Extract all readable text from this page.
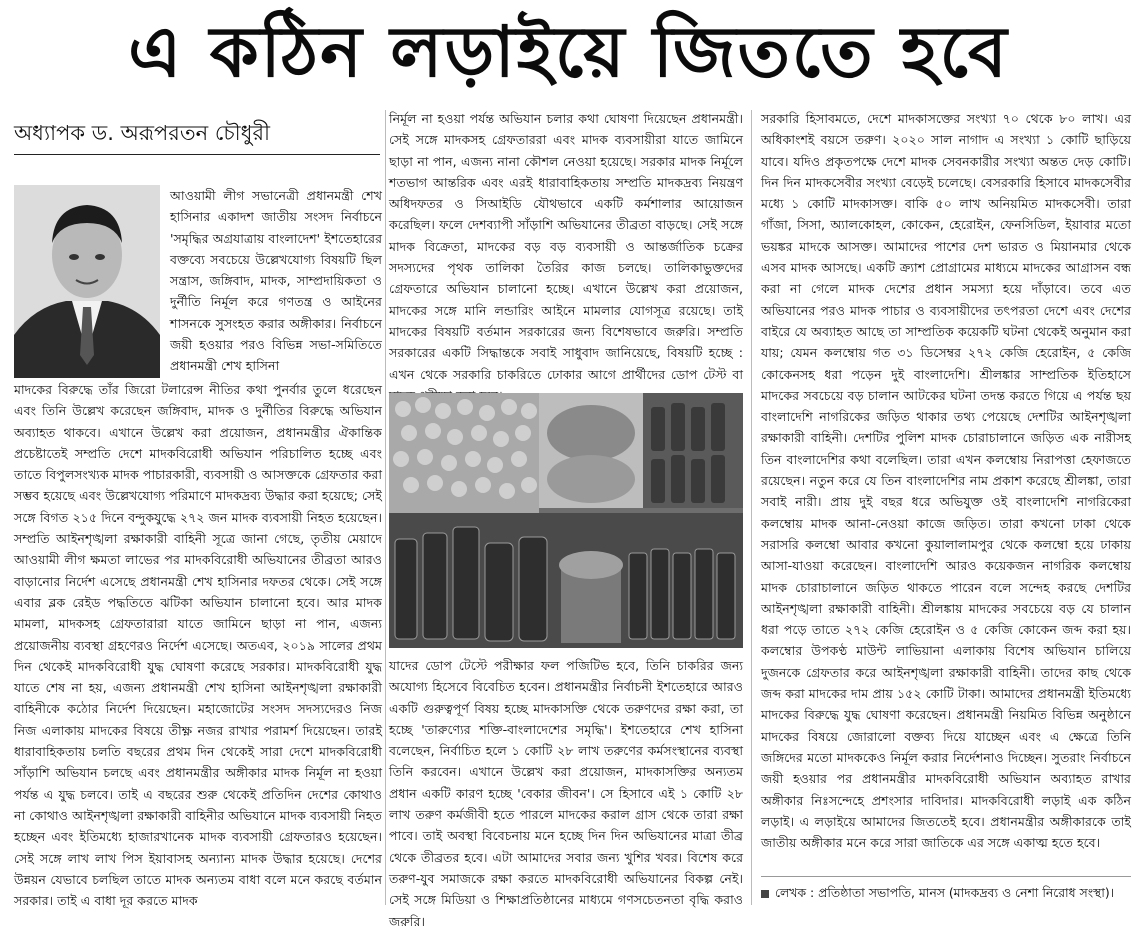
এ কঠিন লড়াইয়ে জিততে হবে
অধ্যাপক ড. অরূপরতন চৌধুরী

আওয়ামী লীগ সভানেত্রী প্রধানমন্ত্রী শেখ হাসিনার একাদশ জাতীয় সংসদ নির্বাচনে 'সমৃদ্ধির অগ্রযাত্রায় বাংলাদেশ' ইশতেহারের বক্তব্যে সবচেয়ে উল্লেখযোগ্য বিষয়টি ছিল সন্ত্রাস, জঙ্গিবাদ, মাদক, সাম্প্রদায়িকতা ও দুর্নীতি নির্মূল করে গণতন্ত্র ও আইনের শাসনকে সুসংহত করার অঙ্গীকার। নির্বাচনে জয়ী হওয়ার পরও বিভিন্ন সভা-সমিতিতে প্রধানমন্ত্রী শেখ হাসিনা

মাদকের বিরুদ্ধে তাঁর জিরো টলারেন্স নীতির কথা পুনর্বার তুলে ধরেছেন এবং তিনি উল্লেখ করেছেন জঙ্গিবাদ, মাদক ও দুর্নীতির বিরুদ্ধে অভিযান অব্যাহত থাকবে। এখানে উল্লেখ করা প্রয়োজন, প্রধানমন্ত্রীর ঐকান্তিক প্রচেষ্টাতেই সম্প্রতি দেশে মাদকবিরোধী অভিযান পরিচালিত হচ্ছে এবং তাতে বিপুলসংখ্যক মাদক পাচারকারী, ব্যবসায়ী ও আসক্তকে গ্রেফতার করা সম্ভব হয়েছে এবং উল্লেখযোগ্য পরিমাণে মাদকদ্রব্য উদ্ধার করা হয়েছে; সেই সঙ্গে বিগত ২১৫ দিনে বন্দুকযুদ্ধে ২৭২ জন মাদক ব্যবসায়ী নিহত হয়েছেন। সম্প্রতি আইনশৃঙ্খলা রক্ষাকারী বাহিনী সূত্রে জানা গেছে, তৃতীয় মেয়াদে আওয়ামী লীগ ক্ষমতা লাভের পর মাদকবিরোধী অভিযানের তীব্রতা আরও বাড়ানোর নির্দেশ এসেছে প্রধানমন্ত্রী শেখ হাসিনার দফতর থেকে। সেই সঙ্গে এবার ব্লক রেইড পদ্ধতিতে ঝটিকা অভিযান চালানো হবে। আর মাদক মামলা, মাদকসহ গ্রেফতারারা যাতে জামিনে ছাড়া না পান, এজন্য প্রয়োজনীয় ব্যবস্থা গ্রহণেরও নির্দেশ এসেছে। অতএব, ২০১৯ সালের প্রথম দিন থেকেই মাদকবিরোধী যুদ্ধ ঘোষণা করেছে সরকার। মাদকবিরোধী যুদ্ধ যাতে শেষ না হয়, এজন্য প্রধানমন্ত্রী শেখ হাসিনা আইনশৃঙ্খলা রক্ষাকারী বাহিনীকে কঠোর নির্দেশ দিয়েছেন। মহাজোটের সংসদ সদস্যদেরও নিজ নিজ এলাকায় মাদকের বিষয়ে তীক্ষ্ণ নজর রাখার পরামর্শ দিয়েছেন। তারই ধারাবাহিকতায় চলতি বছরের প্রথম দিন থেকেই সারা দেশে মাদকবিরোধী সাঁড়াশি অভিযান চলছে এবং প্রধানমন্ত্রীর অঙ্গীকার মাদক নির্মূল না হওয়া পর্যন্ত এ যুদ্ধ চলবে। তাই এ বছরের শুরু থেকেই প্রতিদিন দেশের কোথাও না কোথাও আইনশৃঙ্খলা রক্ষাকারী বাহিনীর অভিযানে মাদক ব্যবসায়ী নিহত হচ্ছেন এবং ইতিমধ্যে হাজারখানেক মাদক ব্যবসায়ী গ্রেফতারও হয়েছেন। সেই সঙ্গে লাখ লাখ পিস ইয়াবাসহ অন্যান্য মাদক উদ্ধার হয়েছে। দেশের উন্নয়ন যেভাবে চলছিল তাতে মাদক অন্যতম বাধা বলে মনে করছে বর্তমান সরকার। তাই এ বাধা দূর করতে মাদক

নির্মূল না হওয়া পর্যন্ত অভিযান চলার কথা ঘোষণা দিয়েছেন প্রধানমন্ত্রী। সেই সঙ্গে মাদকসহ গ্রেফতাররা এবং মাদক ব্যবসায়ীরা যাতে জামিনে ছাড়া না পান, এজন্য নানা কৌশল নেওয়া হয়েছে। সরকার মাদক নির্মূলে শতভাগ আন্তরিক এবং এরই ধারাবাহিকতায় সম্প্রতি মাদকদ্রব্য নিয়ন্ত্রণ অধিদফতর ও সিআইডি যৌথভাবে একটি কর্মশালার আয়োজন করেছিল। ফলে দেশব্যাপী সাঁড়াশি অভিযানের তীব্রতা বাড়ছে। সেই সঙ্গে মাদক বিক্রেতা, মাদকের বড় বড় ব্যবসায়ী ও আন্তর্জাতিক চক্রের সদস্যদের পৃথক তালিকা তৈরির কাজ চলছে। তালিকাভুক্তদের গ্রেফতারে অভিযান চালানো হচ্ছে। এখানে উল্লেখ করা প্রয়োজন, মাদকের সঙ্গে মানি লন্ডারিং আইনে মামলার যোগসূত্র রয়েছে। তাই মাদকের বিষয়টি বর্তমান সরকারের জন্য বিশেষভাবে জরুরি। সম্প্রতি সরকারের একটি সিদ্ধান্তকে সবাই সাধুবাদ জানিয়েছে, বিষয়টি হচ্ছে : এখন থেকে সরকারি চাকরিতে ঢোকার আগে প্রার্থীদের ডোপ টেস্ট বা

যাদের ডোপ টেস্টে পরীক্ষার ফল পজিটিভ হবে, তিনি চাকরির জন্য অযোগ্য হিসেবে বিবেচিত হবেন। প্রধানমন্ত্রীর নির্বাচনী ইশতেহারে আরও একটি গুরুত্বপূর্ণ বিষয় হচ্ছে মাদকাসক্তি থেকে তরুণদের রক্ষা করা, তা হচ্ছে 'তারুণ্যের শক্তি-বাংলাদেশের সমৃদ্ধি'। ইশতেহারে শেখ হাসিনা বলেছেন, নির্বাচিত হলে ১ কোটি ২৮ লাখ তরুণের কর্মসংস্থানের ব্যবস্থা তিনি করবেন। এখানে উল্লেখ করা প্রয়োজন, মাদকাসক্তির অন্যতম প্রধান একটি কারণ হচ্ছে 'বেকার জীবন'। সে হিসাবে এই ১ কোটি ২৮ লাখ তরুণ কর্মজীবী হতে পারলে মাদকের করাল গ্রাস থেকে তারা রক্ষা পাবে। তাই অবস্থা বিবেচনায় মনে হচ্ছে দিন দিন অভিযানের মাত্রা তীব্র থেকে তীব্রতর হবে। এটা আমাদের সবার জন্য খুশির খবর। বিশেষ করে তরুণ-যুব সমাজকে রক্ষা করতে মাদকবিরোধী অভিযানের বিকল্প নেই। সেই সঙ্গে মিডিয়া ও শিক্ষাপ্রতিষ্ঠানের মাধ্যমে গণসচেতনতা বৃদ্ধি করাও জরুরি।

সরকারি হিসাবমতে, দেশে মাদকাসক্তের সংখ্যা ৭০ থেকে ৮০ লাখ। এর অধিকাংশই বয়সে তরুণ। ২০২০ সাল নাগাদ এ সংখ্যা ১ কোটি ছাড়িয়ে যাবে। যদিও প্রকৃতপক্ষে দেশে মাদক সেবনকারীর সংখ্যা অন্তত দেড় কোটি। দিন দিন মাদকসেবীর সংখ্যা বেড়েই চলেছে। বেসরকারি হিসাবে মাদকসেবীর মধ্যে ১ কোটি মাদকাসক্ত। বাকি ৫০ লাখ অনিয়মিত মাদকসেবী। তারা গাঁজা, সিসা, অ্যালকোহল, কোকেন, হেরোইন, ফেনসিডিল, ইয়াবার মতো ভয়ঙ্কর মাদকে আসক্ত। আমাদের পাশের দেশ ভারত ও মিয়ানমার থেকে এসব মাদক আসছে। একটি ক্র্যাশ প্রোগ্রামের মাধ্যমে মাদকের আগ্রাসন বন্ধ করা না গেলে মাদক দেশের প্রধান সমস্যা হয়ে দাঁড়াবে। তবে এত অভিযানের পরও মাদক পাচার ও ব্যবসায়ীদের তৎপরতা দেশে এবং দেশের বাইরে যে অব্যাহত আছে তা সাম্প্রতিক কয়েকটি ঘটনা থেকেই অনুমান করা যায়; যেমন কলম্বোয় গত ৩১ ডিসেম্বর ২৭২ কেজি হেরোইন, ৫ কেজি কোকেনসহ ধরা পড়েন দুই বাংলাদেশি। শ্রীলঙ্কার সাম্প্রতিক ইতিহাসে মাদকের সবচেয়ে বড় চালান আটকের ঘটনা তদন্ত করতে গিয়ে এ পর্যন্ত ছয় বাংলাদেশি নাগরিকের জড়িত থাকার তথ্য পেয়েছে দেশটির আইনশৃঙ্খলা রক্ষাকারী বাহিনী। দেশটির পুলিশ মাদক চোরাচালানে জড়িত এক নারীসহ তিন বাংলাদেশির কথা বলেছিল। তারা এখন কলম্বোয় নিরাপত্তা হেফাজতে রয়েছেন। নতুন করে যে তিন বাংলাদেশির নাম প্রকাশ করেছে শ্রীলঙ্কা, তারা সবাই নারী। প্রায় দুই বছর ধরে অভিযুক্ত ওই বাংলাদেশি নাগরিকেরা কলম্বোয় মাদক আনা-নেওয়া কাজে জড়িত। তারা কখনো ঢাকা থেকে সরাসরি কলম্বো আবার কখনো কুয়ালালামপুর থেকে কলম্বো হয়ে ঢাকায় আসা-যাওয়া করেছেন। বাংলাদেশি আরও কয়েকজন নাগরিক কলম্বোয় মাদক চোরাচালানে জড়িত থাকতে পারেন বলে সন্দেহ করছে দেশটির আইনশৃঙ্খলা রক্ষাকারী বাহিনী। শ্রীলঙ্কায় মাদকের সবচেয়ে বড় যে চালান ধরা পড়ে তাতে ২৭২ কেজি হেরোইন ও ৫ কেজি কোকেন জব্দ করা হয়। কলম্বোর উপকণ্ঠ মাউন্ট লাভিয়ানা এলাকায় বিশেষ অভিযান চালিয়ে দুজনকে গ্রেফতার করে আইনশৃঙ্খলা রক্ষাকারী বাহিনী। তাদের কাছ থেকে জব্দ করা মাদকের দাম প্রায় ১৫২ কোটি টাকা। আমাদের প্রধানমন্ত্রী ইতিমধ্যে মাদকের বিরুদ্ধে যুদ্ধ ঘোষণা করেছেন। প্রধানমন্ত্রী নিয়মিত বিভিন্ন অনুষ্ঠানে মাদকের বিষয়ে জোরালো বক্তব্য দিয়ে যাচ্ছেন এবং এ ক্ষেত্রে তিনি জঙ্গিদের মতো মাদককেও নির্মূল করার নির্দেশনাও দিচ্ছেন। সুতরাং নির্বাচনে জয়ী হওয়ার পর প্রধানমন্ত্রীর মাদকবিরোধী অভিযান অব্যাহত রাখার অঙ্গীকার নিঃসন্দেহে প্রশংসার দাবিদার। মাদকবিরোধী লড়াই এক কঠিন লড়াই। এ লড়াইয়ে আমাদের জিততেই হবে। প্রধানমন্ত্রীর অঙ্গীকারকে তাই জাতীয় অঙ্গীকার মনে করে সারা জাতিকে এর সঙ্গে একাত্ম হতে হবে।

লেখক : প্রতিষ্ঠাতা সভাপতি, মানস (মাদকদ্রব্য ও নেশা নিরোধ সংস্থা)।
